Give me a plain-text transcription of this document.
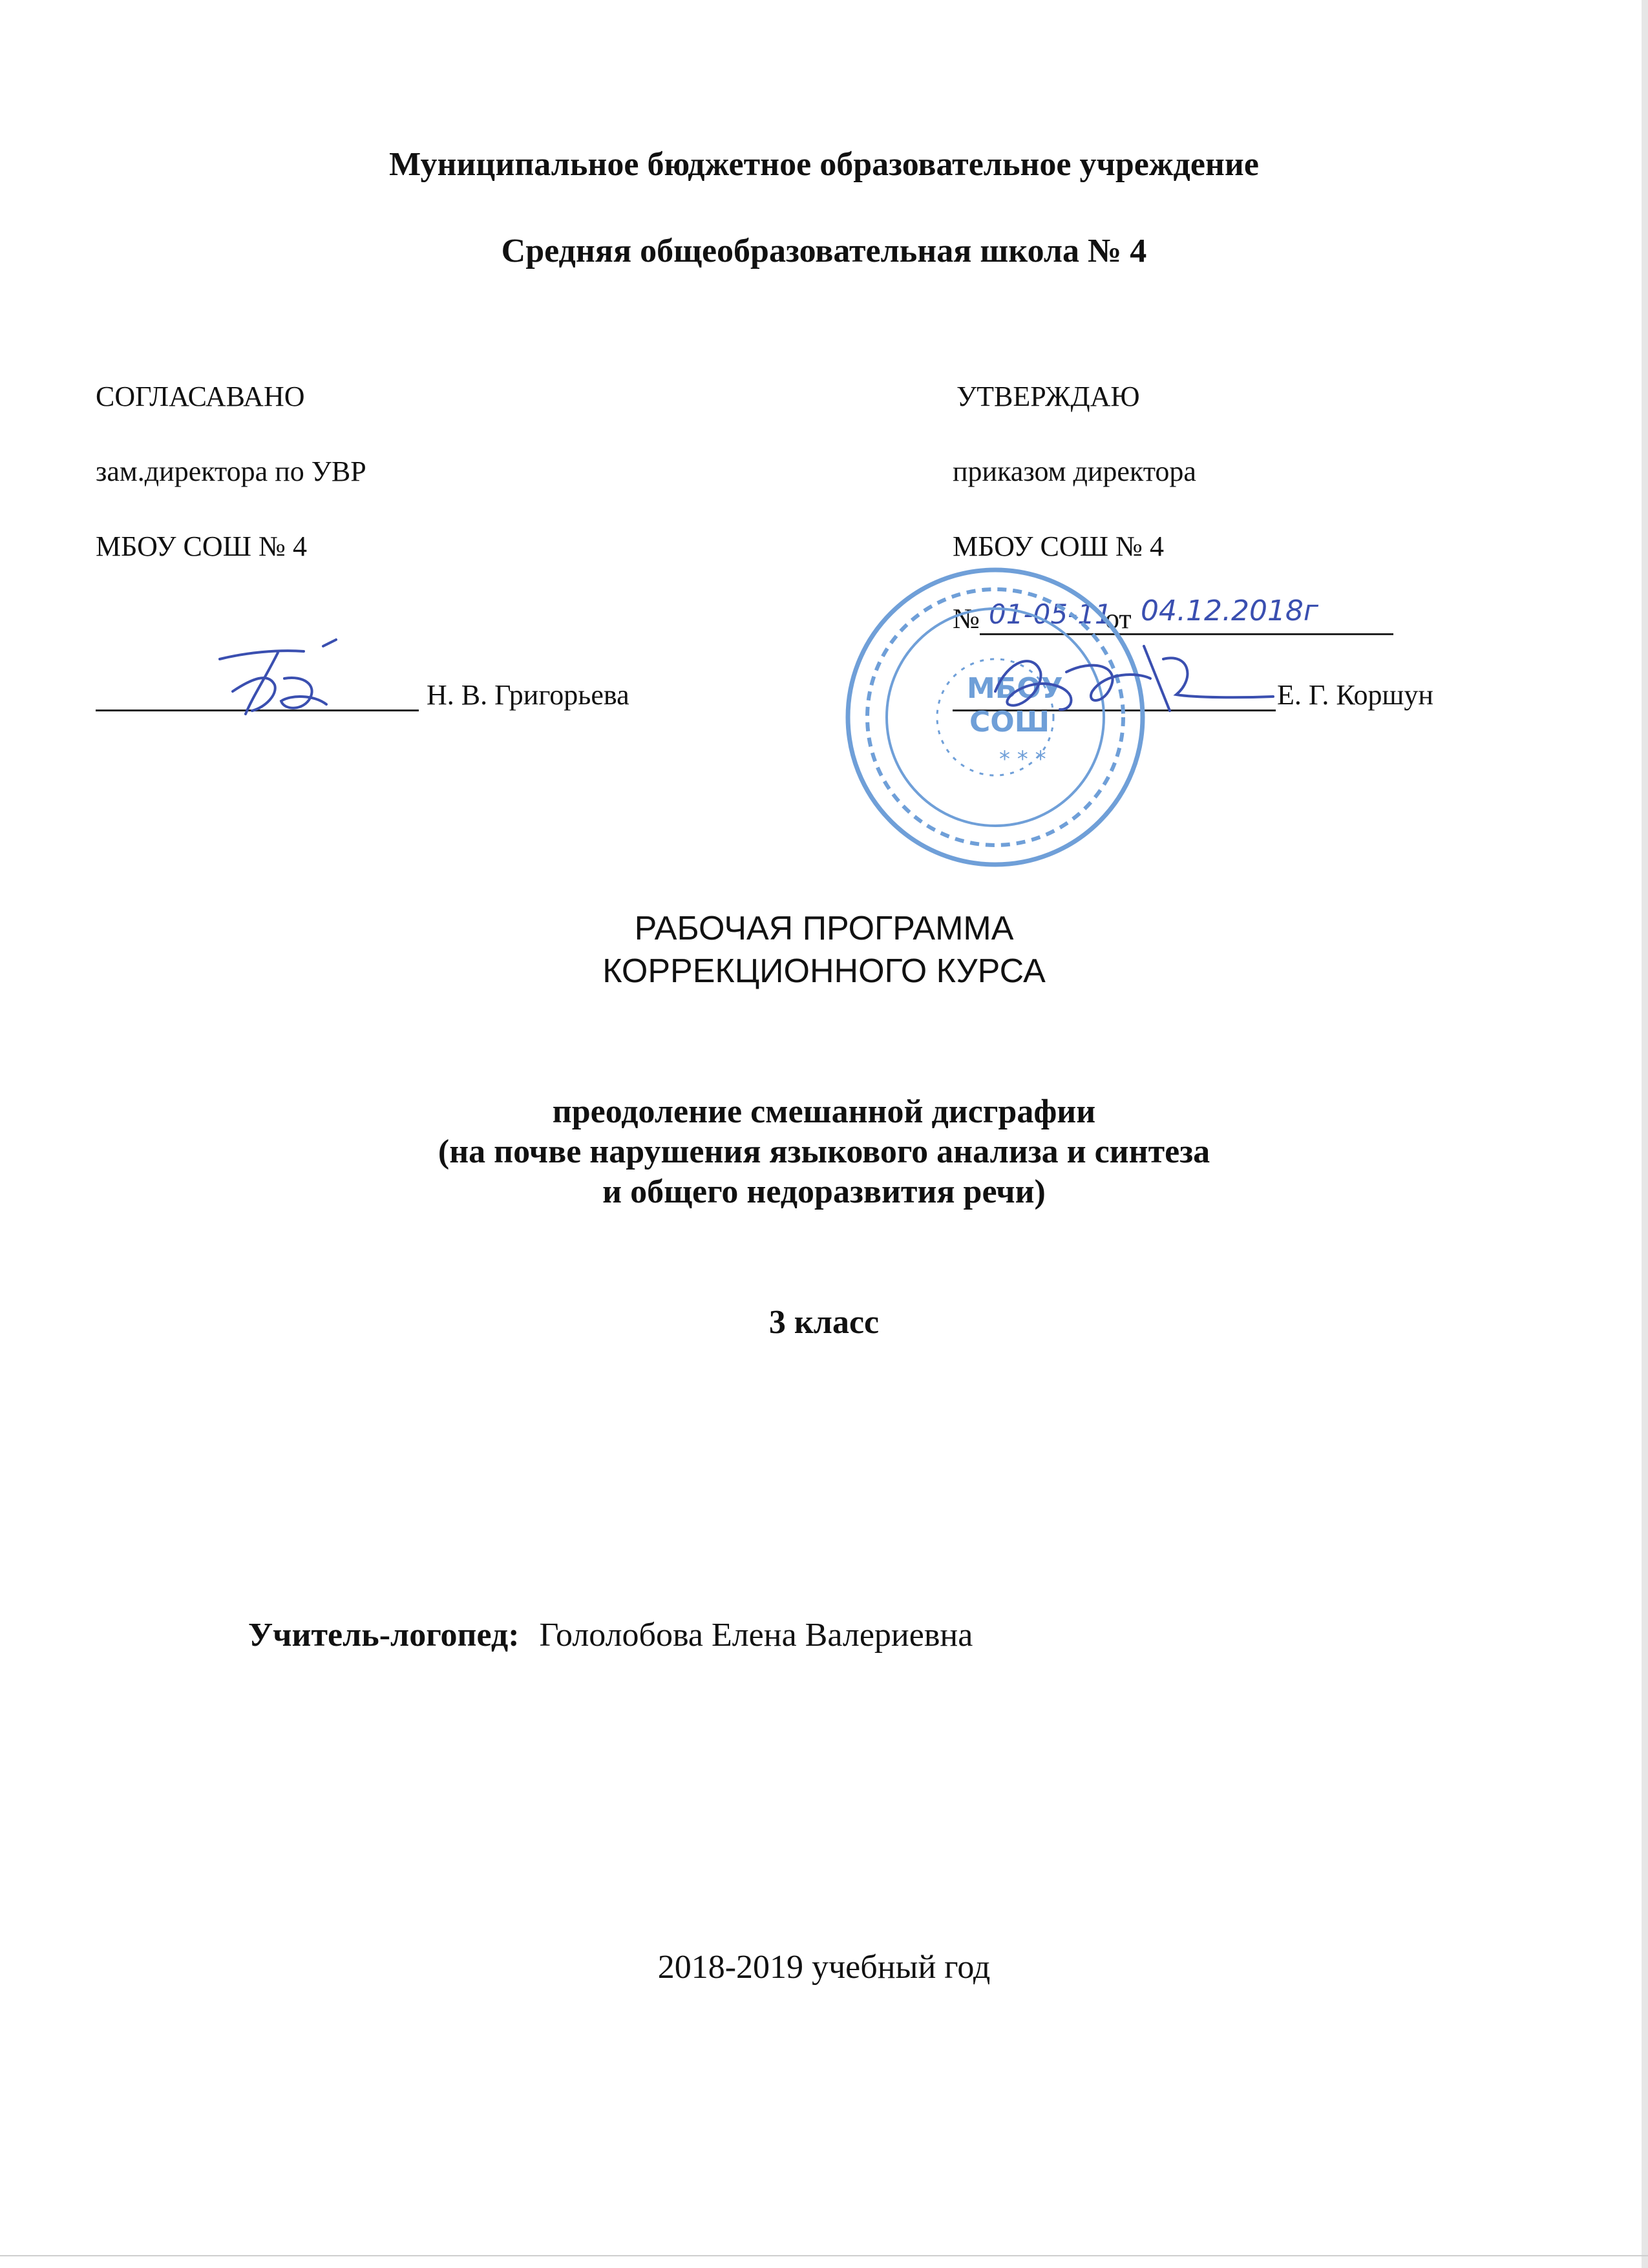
Муниципальное бюджетное образовательное учреждение
Средняя общеобразовательная школа № 4
СОГЛАСАВАНО
зам.директора по УВР
МБОУ СОШ № 4
Н. В. Григорьева
УТВЕРЖДАЮ
приказом директора
МБОУ СОШ № 4
№ 01-05-11
от 04.12.2018г
Е. Г. Коршун
МБОУ
СОШ
* * *
РАБОЧАЯ ПРОГРАММА
КОРРЕКЦИОННОГО КУРСА
преодоление смешанной дисграфии
(на почве нарушения языкового анализа и синтеза
и общего недоразвития речи)
3 класс
Учитель-логопед: Гололобова Елена Валериевна
2018-2019 учебный год
